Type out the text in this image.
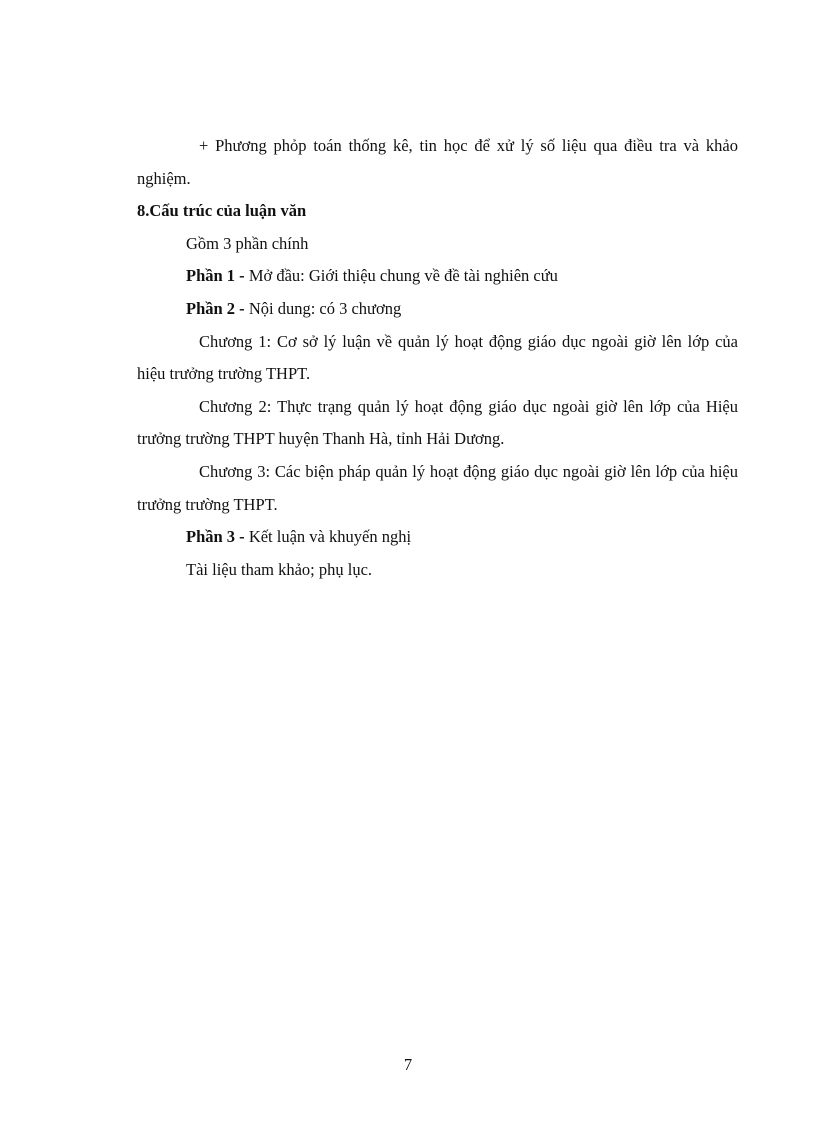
+ Phương phỏp toán thống kê, tin học để xử lý số liệu qua điều tra và khảo nghiệm.

8.Cấu trúc của luận văn

Gồm 3 phần chính

Phần 1 - Mở đầu: Giới thiệu chung về đề tài nghiên cứu

Phần 2 - Nội dung: có 3 chương

Chương 1: Cơ sở lý luận về quản lý hoạt động giáo dục ngoài giờ lên lớp của hiệu trưởng trường THPT.

Chương 2: Thực trạng quản lý hoạt động giáo dục ngoài giờ lên lớp của Hiệu trưởng trường THPT huyện Thanh Hà, tỉnh Hải Dương.

Chương 3: Các biện pháp quản lý hoạt động giáo dục ngoài giờ lên lớp của hiệu trưởng trường THPT.

Phần 3 - Kết luận và khuyến nghị

Tài liệu tham khảo; phụ lục.

7
